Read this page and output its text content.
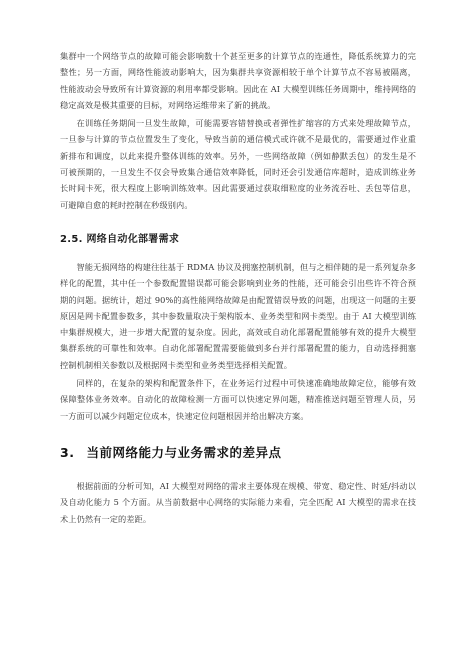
集群中一个网络节点的故障可能会影响数十个甚至更多的计算节点的连通性，降低系统算力的完整性；另一方面，网络性能波动影响大，因为集群共享资源相较于单个计算节点不容易被隔离，性能波动会导致所有计算资源的利用率都受影响。因此在 AI 大模型训练任务周期中，维持网络的稳定高效是极其重要的目标，对网络运维带来了新的挑战。

在训练任务期间一旦发生故障，可能需要容错替换或者弹性扩缩容的方式来处理故障节点，一旦参与计算的节点位置发生了变化，导致当前的通信模式或许就不是最优的，需要通过作业重新排布和调度，以此来提升整体训练的效率。另外，一些网络故障（例如静默丢包）的发生是不可被预期的，一旦发生不仅会导致集合通信效率降低，同时还会引发通信库超时，造成训练业务长时间卡死，很大程度上影响训练效率。因此需要通过获取细粒度的业务流吞吐、丢包等信息，可避障自愈的耗时控制在秒级别内。

2.5. 网络自动化部署需求

智能无损网络的构建往往基于 RDMA 协议及拥塞控制机制，但与之相伴随的是一系列复杂多样化的配置，其中任一个参数配置错误都可能会影响到业务的性能，还可能会引出些许不符合预期的问题。据统计，超过 90%的高性能网络故障是由配置错误导致的问题，出现这一问题的主要原因是网卡配置参数多，其中参数量取决于架构版本、业务类型和网卡类型。由于 AI 大模型训练中集群规模大，进一步增大配置的复杂度。因此，高效或自动化部署配置能够有效的提升大模型集群系统的可靠性和效率。自动化部署配置需要能做到多台并行部署配置的能力，自动选择拥塞控制机制相关参数以及根据网卡类型和业务类型选择相关配置。

同样的，在复杂的架构和配置条件下，在业务运行过程中可快速准确地故障定位，能够有效保障整体业务效率。自动化的故障检测一方面可以快速定界问题，精准推送问题至管理人员，另一方面可以减少问题定位成本，快速定位问题根因并给出解决方案。

3. 当前网络能力与业务需求的差异点

根据前面的分析可知，AI 大模型对网络的需求主要体现在规模、带宽、稳定性、时延/抖动以及自动化能力 5 个方面。从当前数据中心网络的实际能力来看，完全匹配 AI 大模型的需求在技术上仍然有一定的差距。
